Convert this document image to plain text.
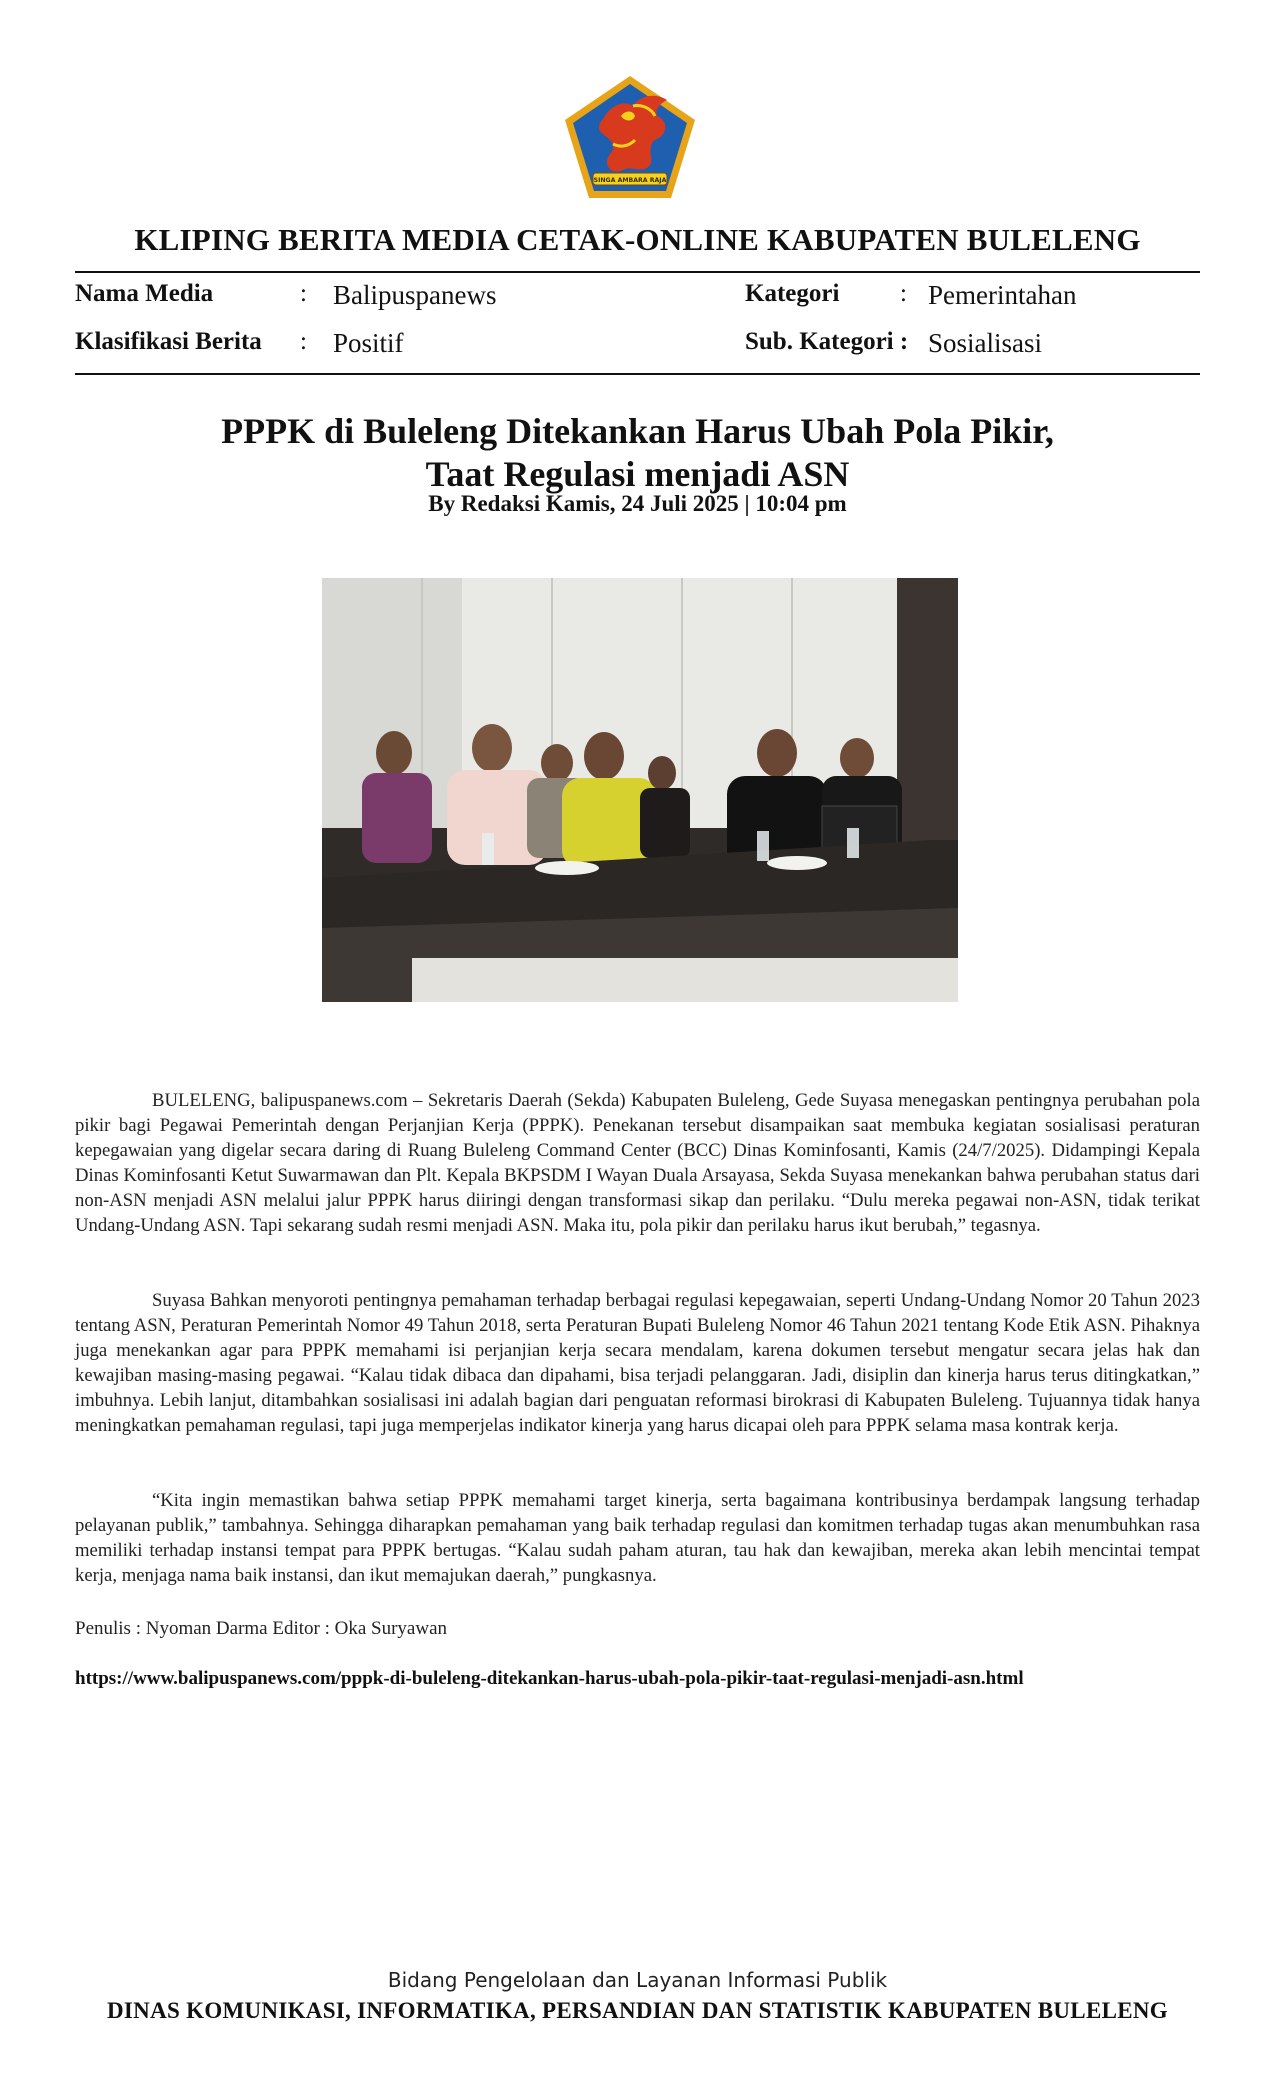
SINGA AMBARA RAJA
KLIPING BERITA MEDIA CETAK-ONLINE KABUPATEN BULELENG
Nama Media	: Balipuspanews	Kategori : Pemerintahan
Klasifikasi Berita : Positif	Sub. Kategori : Sosialisasi
PPPK di Buleleng Ditekankan Harus Ubah Pola Pikir,
Taat Regulasi menjadi ASN
By Redaksi Kamis, 24 Juli 2025 | 10:04 pm

BULELENG, balipuspanews.com – Sekretaris Daerah (Sekda) Kabupaten Buleleng, Gede Suyasa menegaskan pentingnya perubahan pola pikir bagi Pegawai Pemerintah dengan Perjanjian Kerja (PPPK). Penekanan tersebut disampaikan saat membuka kegiatan sosialisasi peraturan kepegawaian yang digelar secara daring di Ruang Buleleng Command Center (BCC) Dinas Kominfosanti, Kamis (24/7/2025). Didampingi Kepala Dinas Kominfosanti Ketut Suwarmawan dan Plt. Kepala BKPSDM I Wayan Duala Arsayasa, Sekda Suyasa menekankan bahwa perubahan status dari non-ASN menjadi ASN melalui jalur PPPK harus diiringi dengan transformasi sikap dan perilaku. “Dulu mereka pegawai non-ASN, tidak terikat Undang-Undang ASN. Tapi sekarang sudah resmi menjadi ASN. Maka itu, pola pikir dan perilaku harus ikut berubah,” tegasnya.

Suyasa Bahkan menyoroti pentingnya pemahaman terhadap berbagai regulasi kepegawaian, seperti Undang-Undang Nomor 20 Tahun 2023 tentang ASN, Peraturan Pemerintah Nomor 49 Tahun 2018, serta Peraturan Bupati Buleleng Nomor 46 Tahun 2021 tentang Kode Etik ASN. Pihaknya juga menekankan agar para PPPK memahami isi perjanjian kerja secara mendalam, karena dokumen tersebut mengatur secara jelas hak dan kewajiban masing-masing pegawai. “Kalau tidak dibaca dan dipahami, bisa terjadi pelanggaran. Jadi, disiplin dan kinerja harus terus ditingkatkan,” imbuhnya. Lebih lanjut, ditambahkan sosialisasi ini adalah bagian dari penguatan reformasi birokrasi di Kabupaten Buleleng. Tujuannya tidak hanya meningkatkan pemahaman regulasi, tapi juga memperjelas indikator kinerja yang harus dicapai oleh para PPPK selama masa kontrak kerja.

“Kita ingin memastikan bahwa setiap PPPK memahami target kinerja, serta bagaimana kontribusinya berdampak langsung terhadap pelayanan publik,” tambahnya. Sehingga diharapkan pemahaman yang baik terhadap regulasi dan komitmen terhadap tugas akan menumbuhkan rasa memiliki terhadap instansi tempat para PPPK bertugas. “Kalau sudah paham aturan, tau hak dan kewajiban, mereka akan lebih mencintai tempat kerja, menjaga nama baik instansi, dan ikut memajukan daerah,” pungkasnya.

Penulis : Nyoman Darma Editor : Oka Suryawan
https://www.balipuspanews.com/pppk-di-buleleng-ditekankan-harus-ubah-pola-pikir-taat-regulasi-menjadi-asn.html
Bidang Pengelolaan dan Layanan Informasi Publik
DINAS KOMUNIKASI, INFORMATIKA, PERSANDIAN DAN STATISTIK KABUPATEN BULELENG
